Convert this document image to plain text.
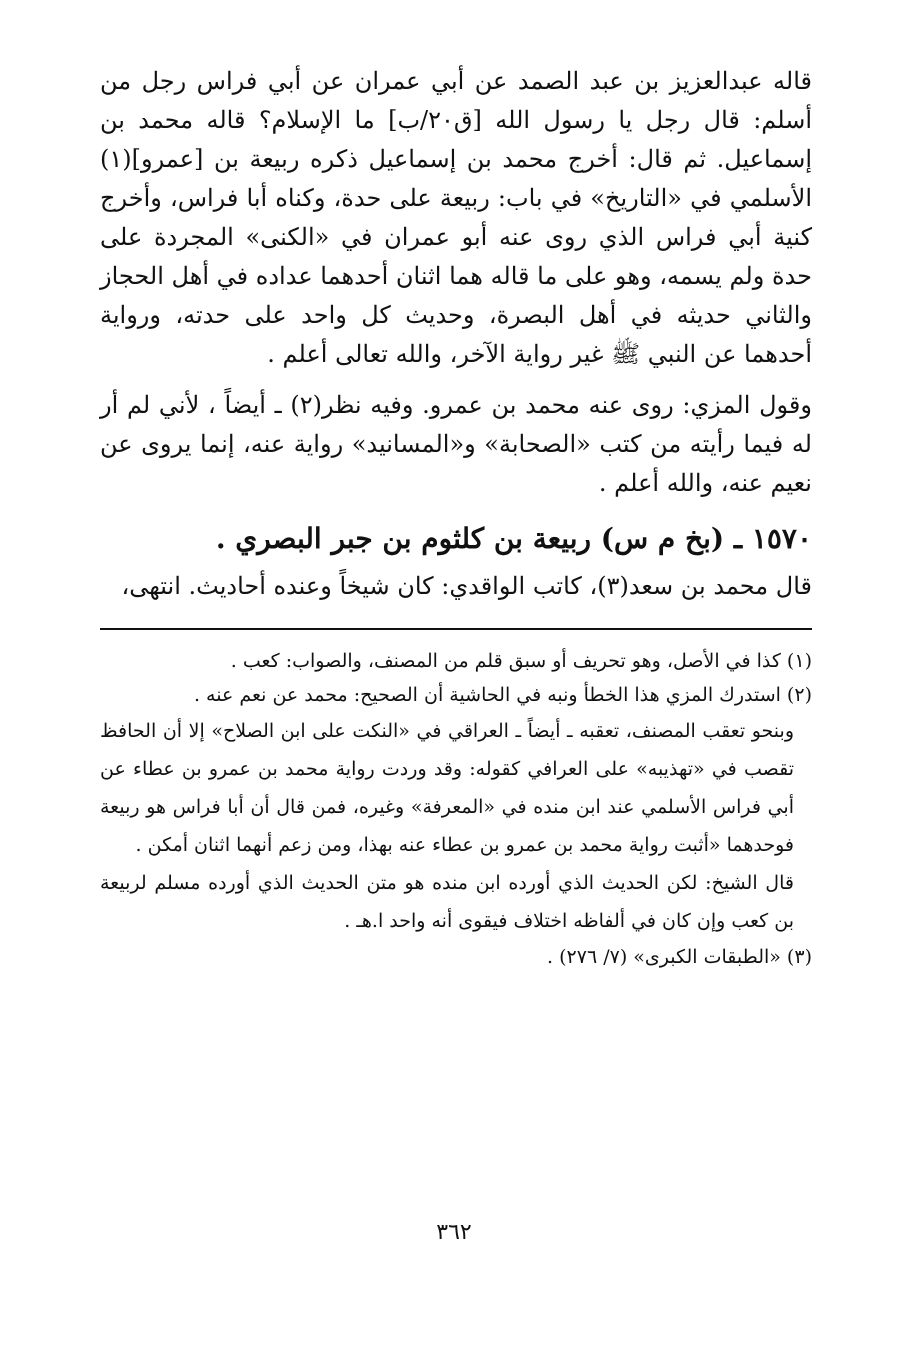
قاله عبدالعزيز بن عبد الصمد عن أبي عمران عن أبي فراس رجل من أسلم: قال رجل يا رسول الله [ق٢٠/ب] ما الإسلام؟ قاله محمد بن إسماعيل. ثم قال: أخرج محمد بن إسماعيل ذكره ربيعة بن [عمرو](١) الأسلمي في «التاريخ» في باب: ربيعة على حدة، وكناه أبا فراس، وأخرج كنية أبي فراس الذي روى عنه أبو عمران في «الكنى» المجردة على حدة ولم يسمه، وهو على ما قاله هما اثنان أحدهما عداده في أهل الحجاز والثاني حديثه في أهل البصرة، وحديث كل واحد على حدته، ورواية أحدهما عن النبي ﷺ غير رواية الآخر، والله تعالى أعلم .

وقول المزي: روى عنه محمد بن عمرو. وفيه نظر(٢) ـ أيضاً ، لأني لم أر له فيما رأيته من كتب «الصحابة» و«المسانيد» رواية عنه، إنما يروى عن نعيم عنه، والله أعلم .

١٥٧٠ ـ (بخ م س) ربيعة بن كلثوم بن جبر البصري .

قال محمد بن سعد(٣)، كاتب الواقدي: كان شيخاً وعنده أحاديث. انتهى،

(١) كذا في الأصل، وهو تحريف أو سبق قلم من المصنف، والصواب: كعب .

(٢) استدرك المزي هذا الخطأ ونبه في الحاشية أن الصحيح: محمد عن نعم عنه .

وبنحو تعقب المصنف، تعقبه ـ أيضاً ـ العراقي في «النكت على ابن الصلاح» إلا أن الحافظ تقصب في «تهذيبه» على العرافي كقوله: وقد وردت رواية محمد بن عمرو بن عطاء عن أبي فراس الأسلمي عند ابن منده في «المعرفة» وغيره، فمن قال أن أبا فراس هو ربيعة فوحدهما «أثبت رواية محمد بن عمرو بن عطاء عنه بهذا، ومن زعم أنهما اثنان أمكن .

قال الشيخ: لكن الحديث الذي أورده ابن منده هو متن الحديث الذي أورده مسلم لربيعة بن كعب وإن كان في ألفاظه اختلاف فيقوى أنه واحد ا.هـ .

(٣) «الطبقات الكبرى» (٧/ ٢٧٦) .

٣٦٢
